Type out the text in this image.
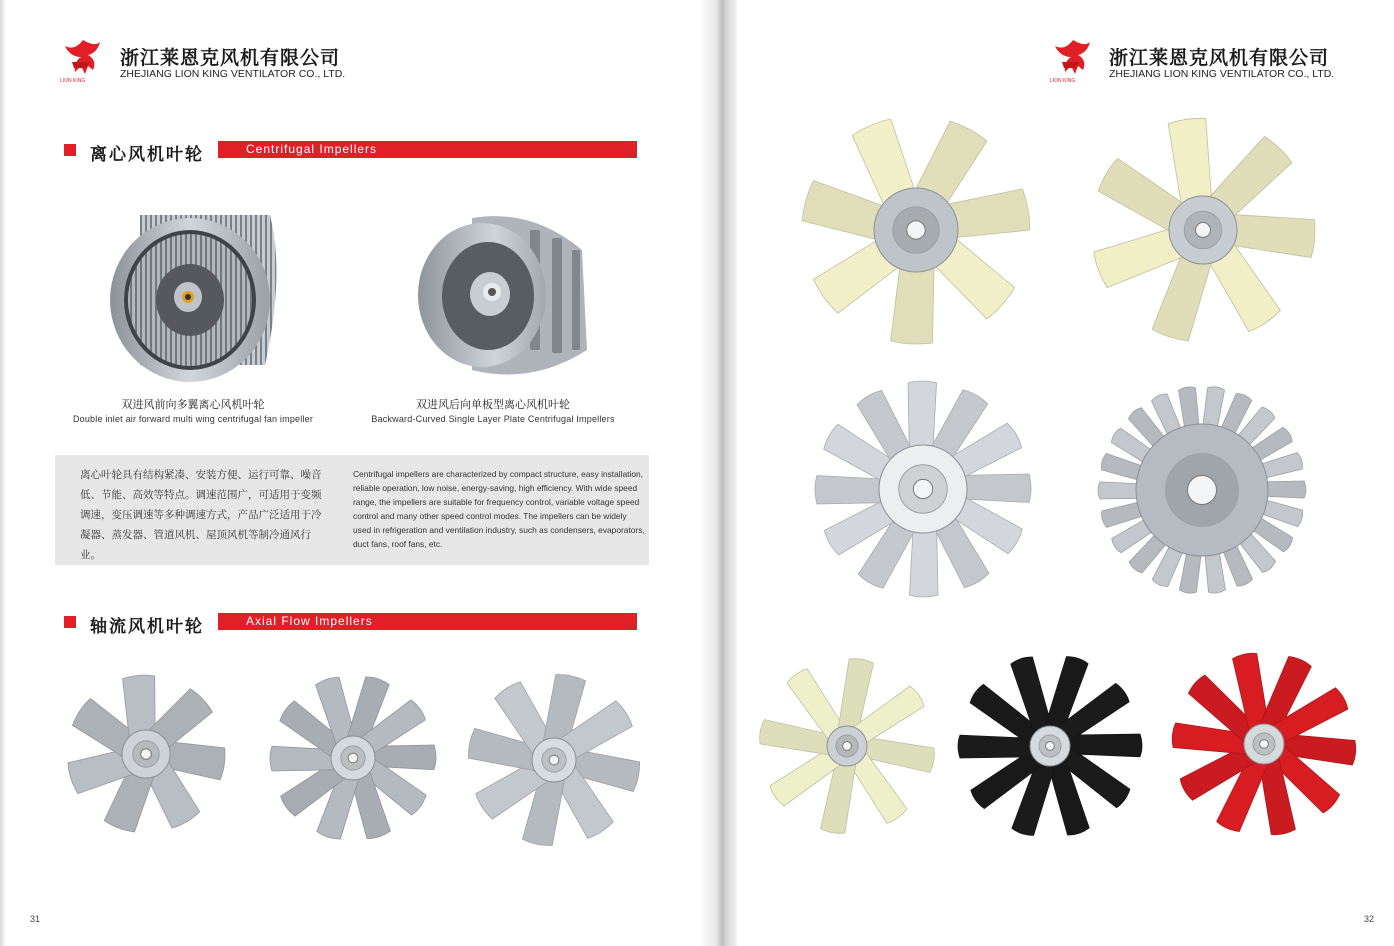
LION KING
浙江莱恩克风机有限公司
ZHEJIANG LION KING VENTILATOR CO., LTD.
离心风机叶轮	Centrifugal Impellers
双进风前向多翼离心风机叶轮
Double inlet air forward multi wing centrifugal fan impeller
双进风后向单板型离心风机叶轮
Backward-Curved Single Layer Plate Centrifugal Impellers
离心叶轮具有结构紧凑、安装方便、运行可靠、噪音低、节能、高效等特点。调速范围广，可适用于变频调速，变压调速等多种调速方式，产品广泛适用于冷凝器、蒸发器、管道风机、屋顶风机等制冷通风行业。
Centrifugal impellers are characterized by compact structure, easy installation, reliable operation, low noise, energy-saving, high efficiency. With wide speed range, the impellers are suitable for frequency control, variable voltage speed control and many other speed control modes. The impellers can be widely used in refrigeration and ventilation industry, such as condensers, evaporators, duct fans, roof fans, etc.
轴流风机叶轮	Axial Flow Impellers
31
LION KING
浙江莱恩克风机有限公司
ZHEJIANG LION KING VENTILATOR CO., LTD.
32
